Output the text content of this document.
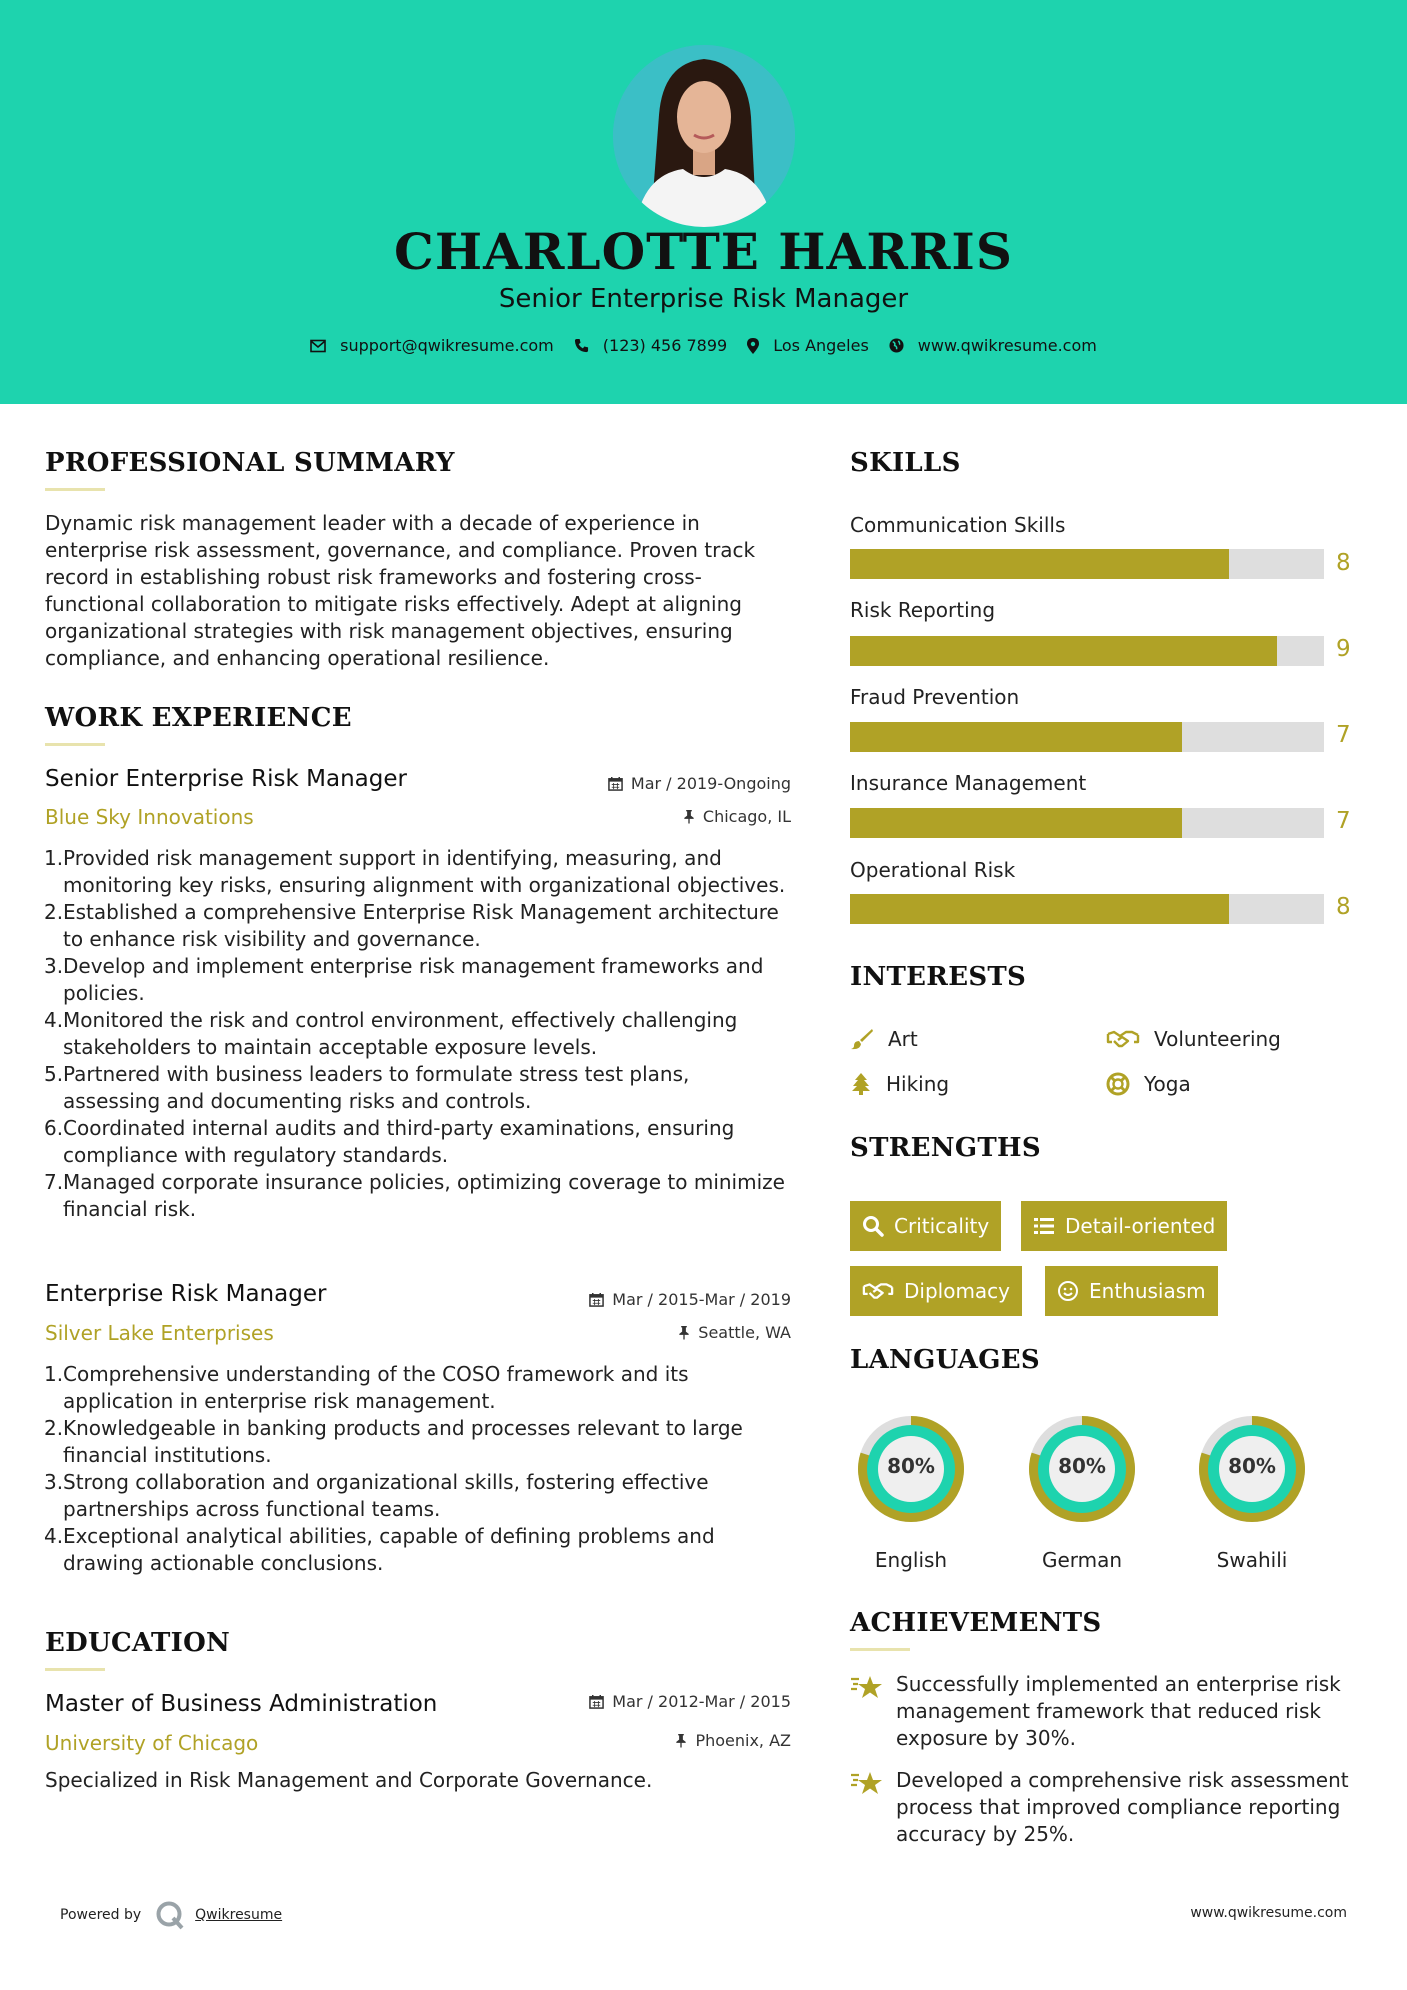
CHARLOTTE HARRIS
Senior Enterprise Risk Manager
support@qwikresume.com	(123) 456 7899	Los Angeles	www.qwikresume.com
PROFESSIONAL SUMMARY
Dynamic risk management leader with a decade of experience in enterprise risk assessment, governance, and compliance. Proven track record in establishing robust risk frameworks and fostering cross-functional collaboration to mitigate risks effectively. Adept at aligning organizational strategies with risk management objectives, ensuring compliance, and enhancing operational resilience.
WORK EXPERIENCE
Senior Enterprise Risk Manager	Mar / 2019-Ongoing
Blue Sky Innovations	Chicago, IL
1. Provided risk management support in identifying, measuring, and monitoring key risks, ensuring alignment with organizational objectives.
2. Established a comprehensive Enterprise Risk Management architecture to enhance risk visibility and governance.
3. Develop and implement enterprise risk management frameworks and policies.
4. Monitored the risk and control environment, effectively challenging stakeholders to maintain acceptable exposure levels.
5. Partnered with business leaders to formulate stress test plans, assessing and documenting risks and controls.
6. Coordinated internal audits and third-party examinations, ensuring compliance with regulatory standards.
7. Managed corporate insurance policies, optimizing coverage to minimize financial risk.
Enterprise Risk Manager	Mar / 2015-Mar / 2019
Silver Lake Enterprises	Seattle, WA
1. Comprehensive understanding of the COSO framework and its application in enterprise risk management.
2. Knowledgeable in banking products and processes relevant to large financial institutions.
3. Strong collaboration and organizational skills, fostering effective partnerships across functional teams.
4. Exceptional analytical abilities, capable of defining problems and drawing actionable conclusions.
EDUCATION
Master of Business Administration	Mar / 2012-Mar / 2015
University of Chicago	Phoenix, AZ
Specialized in Risk Management and Corporate Governance.
SKILLS
Communication Skills
8
Risk Reporting
9
Fraud Prevention
7
Insurance Management
7
Operational Risk
8
INTERESTS
Art	Volunteering
Hiking	Yoga
STRENGTHS
Criticality	Detail-oriented
Diplomacy	Enthusiasm
LANGUAGES
80%
English
80%
German
80%
Swahili
ACHIEVEMENTS
Successfully implemented an enterprise risk management framework that reduced risk exposure by 30%.
Developed a comprehensive risk assessment process that improved compliance reporting accuracy by 25%.
Powered by	Qwikresume	www.qwikresume.com
